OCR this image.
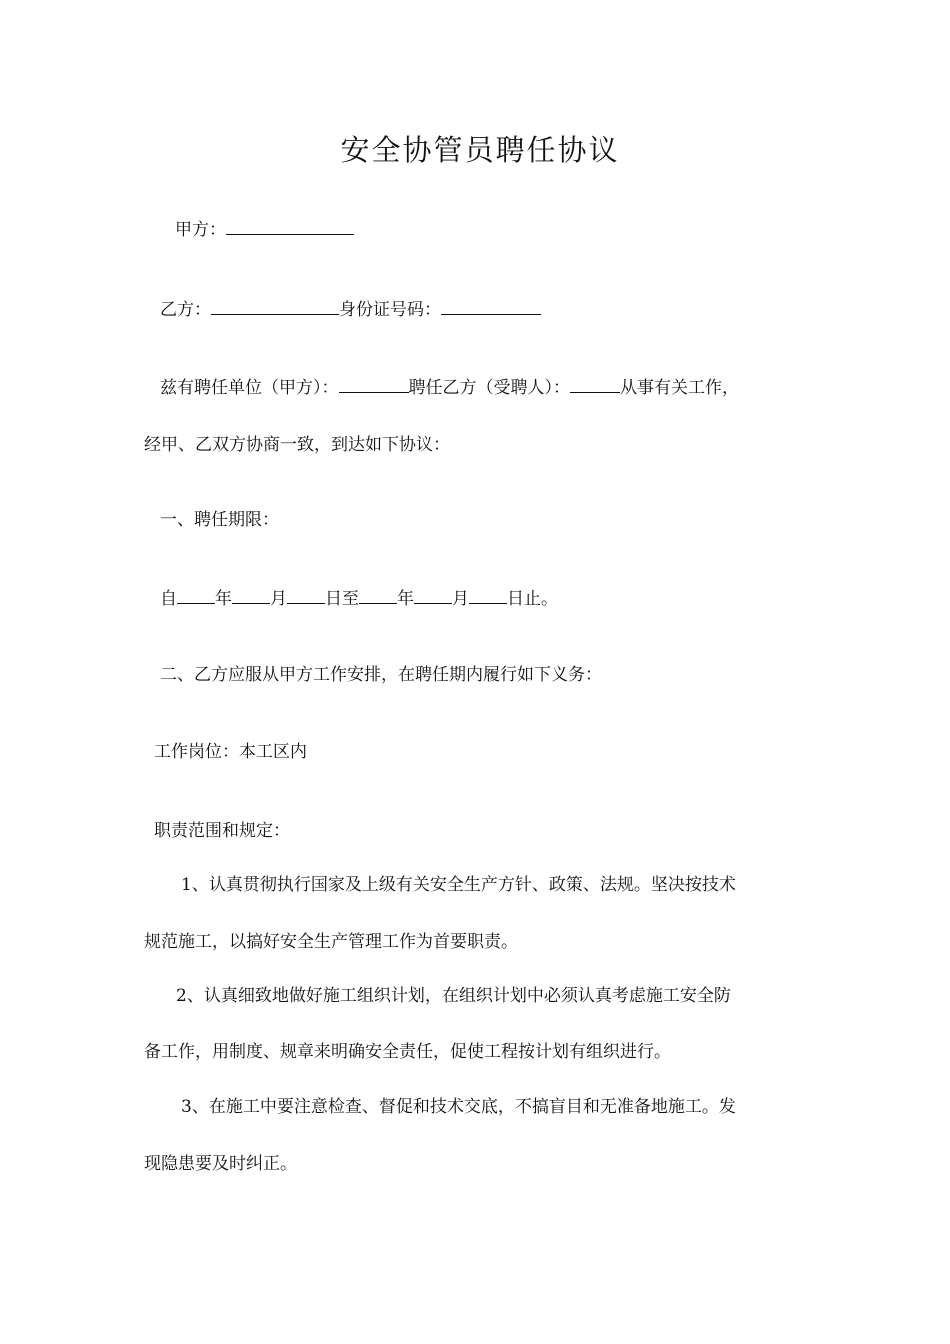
安全协管员聘任协议
甲方：
乙方：	身份证号码：
兹有聘任单位（甲方）：	聘任乙方（受聘人）：	从事有关工作，
经甲、乙双方协商一致，到达如下协议：
一、聘任期限：
自 年 月 日至 年 月 日止。
二、乙方应服从甲方工作安排，在聘任期内履行如下义务：
工作岗位：本工区内
职责范围和规定：
1、认真贯彻执行国家及上级有关安全生产方针、政策、法规。坚决按技术
规范施工，以搞好安全生产管理工作为首要职责。
2、认真细致地做好施工组织计划，在组织计划中必须认真考虑施工安全防
备工作，用制度、规章来明确安全责任，促使工程按计划有组织进行。
3、在施工中要注意检查、督促和技术交底，不搞盲目和无准备地施工。发
现隐患要及时纠正。
